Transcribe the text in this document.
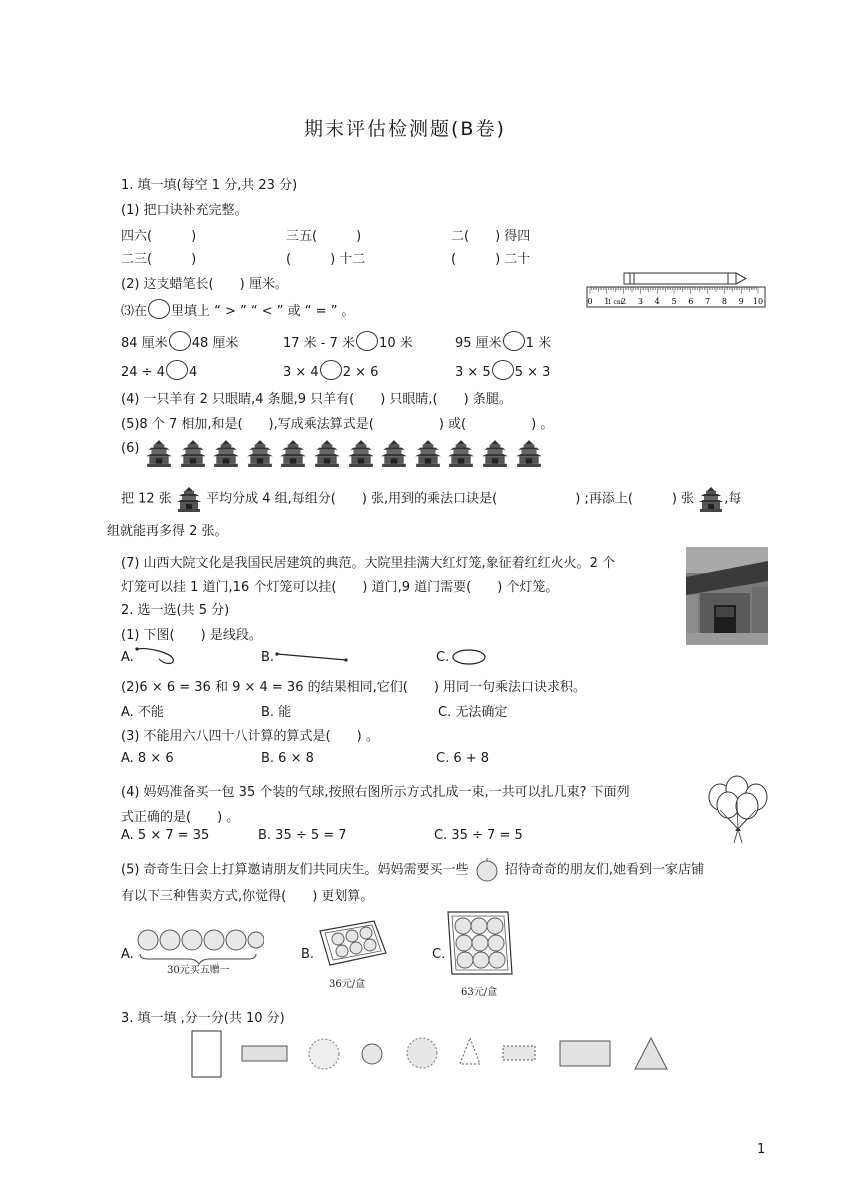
期末评估检测题(B卷)
1. 填一填(每空 1 分,共 23 分)
(1) 把口诀补充完整。
四六(　　　)	三五(　　　)	二(　　) 得四
二三(　　　)	(　　　) 十二	(　　　) 二十
(2) 这支蜡笔长(　　) 厘米。
0 1 2 3 4 5 6 7 8 9 10
1 cm
⑶在 里填上 “ > ” “ < ” 或 “ = ” 。
84 厘米 48 厘米	17 米 - 7 米 10 米	95 厘米 1 米
24 ÷ 4 4	3 × 4 2 × 6	3 × 5 5 × 3
(4) 一只羊有 2 只眼睛,4 条腿,9 只羊有(　　) 只眼睛,(　　) 条腿。
(5)8 个 7 相加,和是(　　),写成乘法算式是(　　　　　) 或(　　　　　) 。
(6)
把 12 张	平均分成 4 组,每组分(　　) 张,用到的乘法口诀是(　　　　　　) ;再添上(　　　) 张 ,每
组就能再多得 2 张。
(7) 山西大院文化是我国民居建筑的典范。大院里挂满大红灯笼,象征着红红火火。2 个
灯笼可以挂 1 道门,16 个灯笼可以挂(　　) 道门,9 道门需要(　　) 个灯笼。
2. 选一选(共 5 分)
(1) 下图(　　) 是线段。
A.	B.	C.
(2)6 × 6 = 36 和 9 × 4 = 36 的结果相同,它们(　　) 用同一句乘法口诀求积。
A. 不能	B. 能	C. 无法确定
(3) 不能用六八四十八计算的算式是(　　) 。
A. 8 × 6	B. 6 × 8	C. 6 + 8
(4) 妈妈准备买一包 35 个装的气球,按照右图所示方式扎成一束,一共可以扎几束? 下面列
式正确的是(　　) 。
A. 5 × 7 = 35	B. 35 ÷ 5 = 7	C. 35 ÷ 7 = 5
(5) 奇奇生日会上打算邀请朋友们共同庆生。妈妈需要买一些	招待奇奇的朋友们,她看到一家店铺
有以下三种售卖方式,你觉得(　　) 更划算。
A.
30元买五赠一
B.
36元/盒
C.
63元/盒
3. 填一填 ,分一分(共 10 分)
1
